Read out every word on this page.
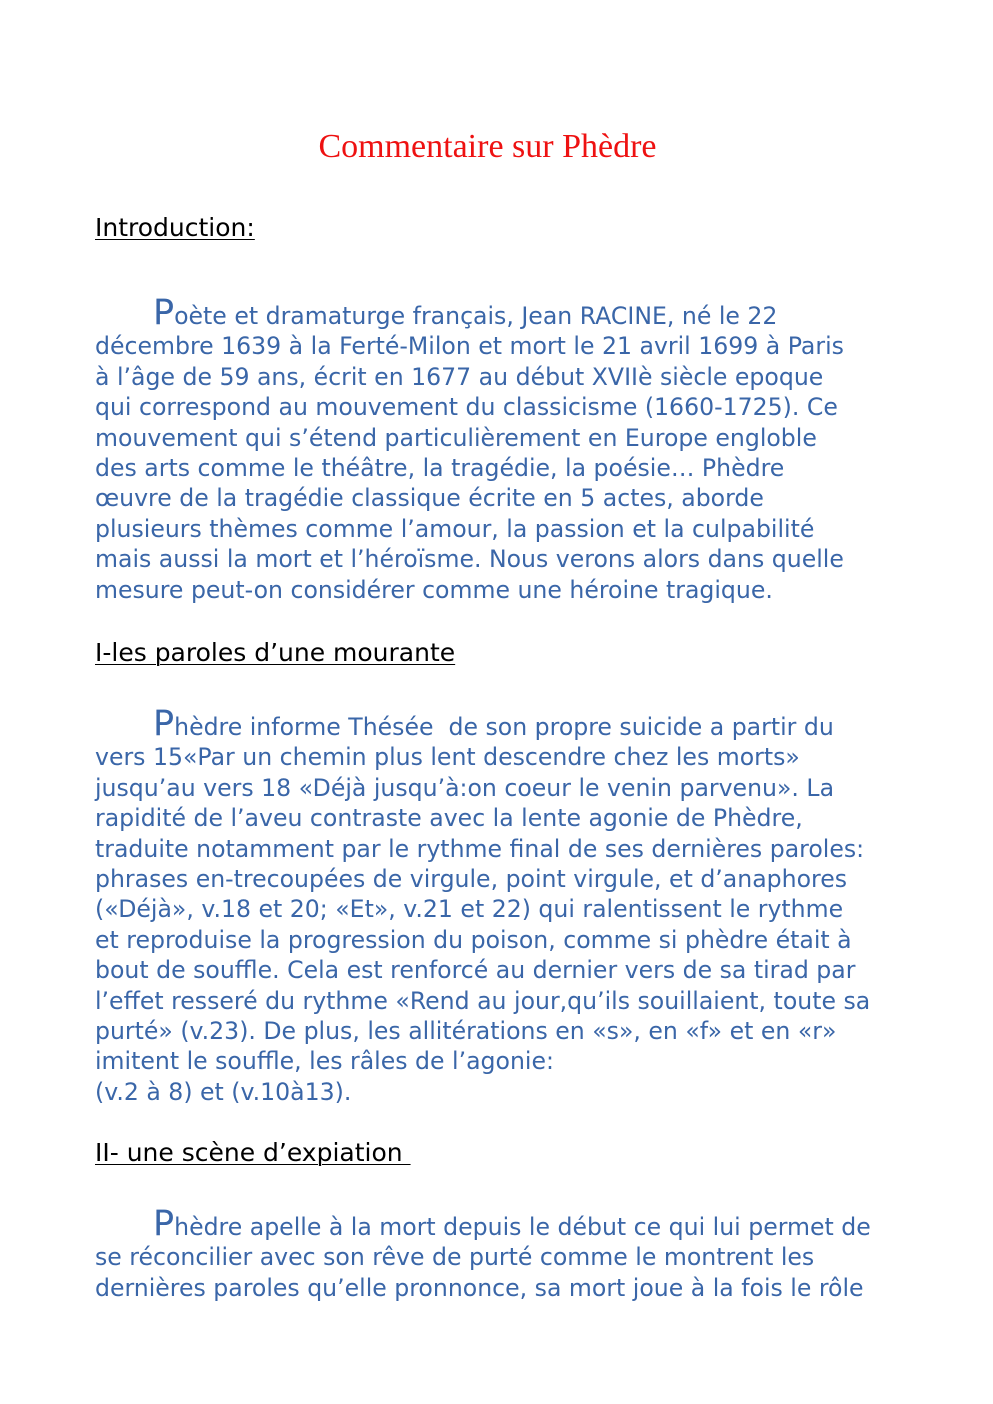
Commentaire sur Phèdre
Introduction:
Poète et dramaturge français, Jean RACINE, né le 22
décembre 1639 à la Ferté-Milon et mort le 21 avril 1699 à Paris
à l’âge de 59 ans, écrit en 1677 au début XVIIè siècle epoque
qui correspond au mouvement du classicisme (1660-1725). Ce
mouvement qui s’étend particulièrement en Europe engloble
des arts comme le théâtre, la tragédie, la poésie… Phèdre
œuvre de la tragédie classique écrite en 5 actes, aborde
plusieurs thèmes comme l’amour, la passion et la culpabilité
mais aussi la mort et l’héroïsme. Nous verons alors dans quelle
mesure peut-on considérer comme une héroine tragique.
I-les paroles d’une mourante
Phèdre informe Thésée  de son propre suicide a partir du
vers 15«Par un chemin plus lent descendre chez les morts»
jusqu’au vers 18 «Déjà jusqu’à:on coeur le venin parvenu». La
rapidité de l’aveu contraste avec la lente agonie de Phèdre,
traduite notamment par le rythme final de ses dernières paroles:
phrases en-trecoupées de virgule, point virgule, et d’anaphores
(«Déjà», v.18 et 20; «Et», v.21 et 22) qui ralentissent le rythme
et reproduise la progression du poison, comme si phèdre était à
bout de souffle. Cela est renforcé au dernier vers de sa tirad par
l’effet resseré du rythme «Rend au jour,qu’ils souillaient, toute sa
purté» (v.23). De plus, les allitérations en «s», en «f» et en «r»
imitent le souffle, les râles de l’agonie:
(v.2 à 8) et (v.10à13).
II- une scène d’expiation
Phèdre apelle à la mort depuis le début ce qui lui permet de
se réconcilier avec son rêve de purté comme le montrent les
dernières paroles qu’elle pronnonce, sa mort joue à la fois le rôle
